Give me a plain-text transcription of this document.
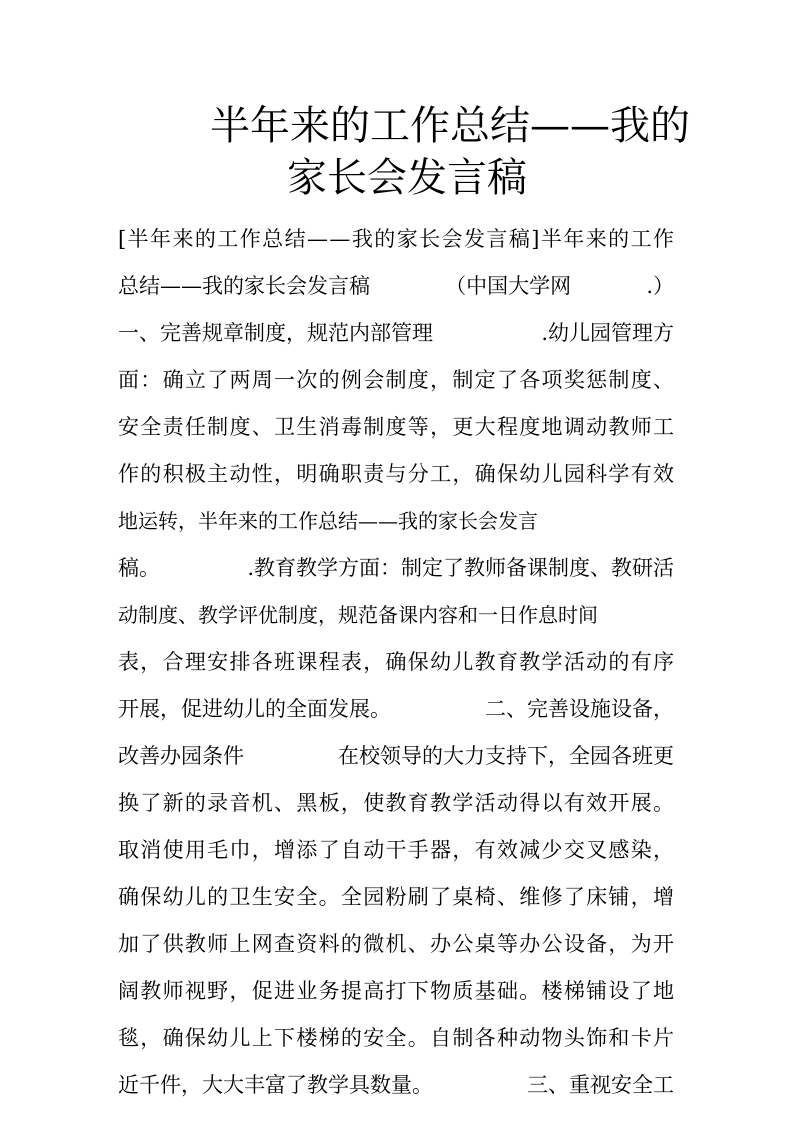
半年来的工作总结——我的
家长会发言稿
[半年来的工作总结——我的家长会发言稿]半年来的工作
总结——我的家长会发言稿	（中国大学网	.）
一、完善规章制度，规范内部管理	.幼儿园管理方
面：确立了两周一次的例会制度，制定了各项奖惩制度、
安全责任制度、卫生消毒制度等，更大程度地调动教师工
作的积极主动性，明确职责与分工，确保幼儿园科学有效
地运转，半年来的工作总结——我的家长会发言
稿。	.教育教学方面：制定了教师备课制度、教研活
动制度、教学评优制度，规范备课内容和一日作息时间
表，合理安排各班课程表，确保幼儿教育教学活动的有序
开展，促进幼儿的全面发展。	二、完善设施设备，
改善办园条件	在校领导的大力支持下，全园各班更
换了新的录音机、黑板，使教育教学活动得以有效开展。
取消使用毛巾，增添了自动干手器，有效减少交叉感染，
确保幼儿的卫生安全。全园粉刷了桌椅、维修了床铺，增
加了供教师上网查资料的微机、办公桌等办公设备，为开
阔教师视野，促进业务提高打下物质基础。楼梯铺设了地
毯，确保幼儿上下楼梯的安全。自制各种动物头饰和卡片
近千件，大大丰富了教学具数量。	三、重视安全工
